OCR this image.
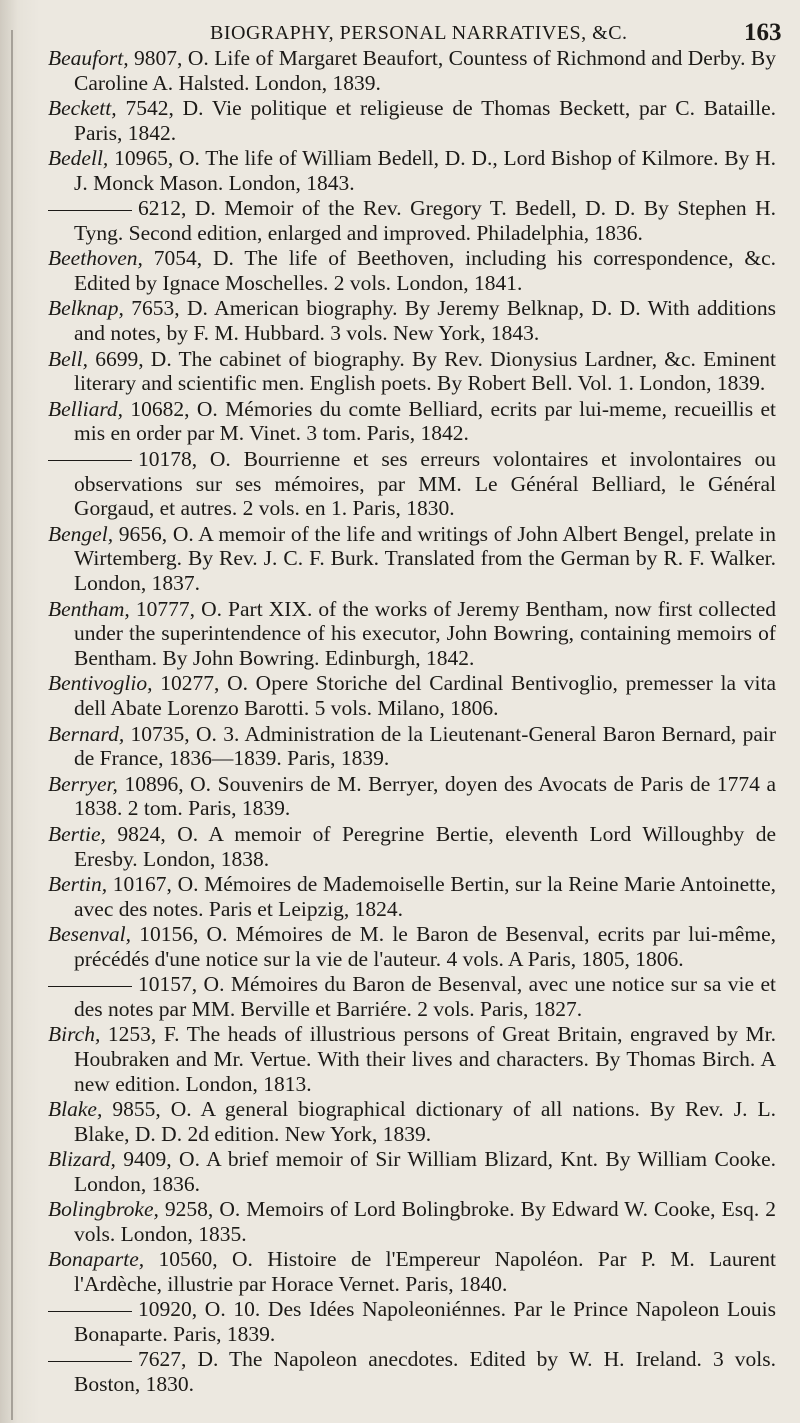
BIOGRAPHY, PERSONAL NARRATIVES, &C.	163

Beaufort, 9807, O. Life of Margaret Beaufort, Countess of Richmond and Derby. By Caroline A. Halsted. London, 1839.

Beckett, 7542, D. Vie politique et religieuse de Thomas Beckett, par C. Bataille. Paris, 1842.

Bedell, 10965, O. The life of William Bedell, D. D., Lord Bishop of Kilmore. By H. J. Monck Mason. London, 1843.

6212, D. Memoir of the Rev. Gregory T. Bedell, D. D. By Stephen H. Tyng. Second edition, enlarged and improved. Philadelphia, 1836.

Beethoven, 7054, D. The life of Beethoven, including his correspondence, &c. Edited by Ignace Moschelles. 2 vols. London, 1841.

Belknap, 7653, D. American biography. By Jeremy Belknap, D. D. With additions and notes, by F. M. Hubbard. 3 vols. New York, 1843.

Bell, 6699, D. The cabinet of biography. By Rev. Dionysius Lardner, &c. Eminent literary and scientific men. English poets. By Robert Bell. Vol. 1. London, 1839.

Belliard, 10682, O. Mémories du comte Belliard, ecrits par lui-meme, recueillis et mis en order par M. Vinet. 3 tom. Paris, 1842.

10178, O. Bourrienne et ses erreurs volontaires et involontaires ou observations sur ses mémoires, par MM. Le Général Belliard, le Général Gorgaud, et autres. 2 vols. en 1. Paris, 1830.

Bengel, 9656, O. A memoir of the life and writings of John Albert Bengel, prelate in Wirtemberg. By Rev. J. C. F. Burk. Translated from the German by R. F. Walker. London, 1837.

Bentham, 10777, O. Part XIX. of the works of Jeremy Bentham, now first collected under the superintendence of his executor, John Bowring, containing memoirs of Bentham. By John Bowring. Edinburgh, 1842.

Bentivoglio, 10277, O. Opere Storiche del Cardinal Bentivoglio, premesser la vita dell Abate Lorenzo Barotti. 5 vols. Milano, 1806.

Bernard, 10735, O. 3. Administration de la Lieutenant-General Baron Bernard, pair de France, 1836—1839. Paris, 1839.

Berryer, 10896, O. Souvenirs de M. Berryer, doyen des Avocats de Paris de 1774 a 1838. 2 tom. Paris, 1839.

Bertie, 9824, O. A memoir of Peregrine Bertie, eleventh Lord Willoughby de Eresby. London, 1838.

Bertin, 10167, O. Mémoires de Mademoiselle Bertin, sur la Reine Marie Antoinette, avec des notes. Paris et Leipzig, 1824.

Besenval, 10156, O. Mémoires de M. le Baron de Besenval, ecrits par lui-même, précédés d'une notice sur la vie de l'auteur. 4 vols. A Paris, 1805, 1806.

10157, O. Mémoires du Baron de Besenval, avec une notice sur sa vie et des notes par MM. Berville et Barriére. 2 vols. Paris, 1827.

Birch, 1253, F. The heads of illustrious persons of Great Britain, engraved by Mr. Houbraken and Mr. Vertue. With their lives and characters. By Thomas Birch. A new edition. London, 1813.

Blake, 9855, O. A general biographical dictionary of all nations. By Rev. J. L. Blake, D. D. 2d edition. New York, 1839.

Blizard, 9409, O. A brief memoir of Sir William Blizard, Knt. By William Cooke. London, 1836.

Bolingbroke, 9258, O. Memoirs of Lord Bolingbroke. By Edward W. Cooke, Esq. 2 vols. London, 1835.

Bonaparte, 10560, O. Histoire de l'Empereur Napoléon. Par P. M. Laurent l'Ardèche, illustrie par Horace Vernet. Paris, 1840.

10920, O. 10. Des Idées Napoleoniénnes. Par le Prince Napoleon Louis Bonaparte. Paris, 1839.

7627, D. The Napoleon anecdotes. Edited by W. H. Ireland. 3 vols. Boston, 1830.
